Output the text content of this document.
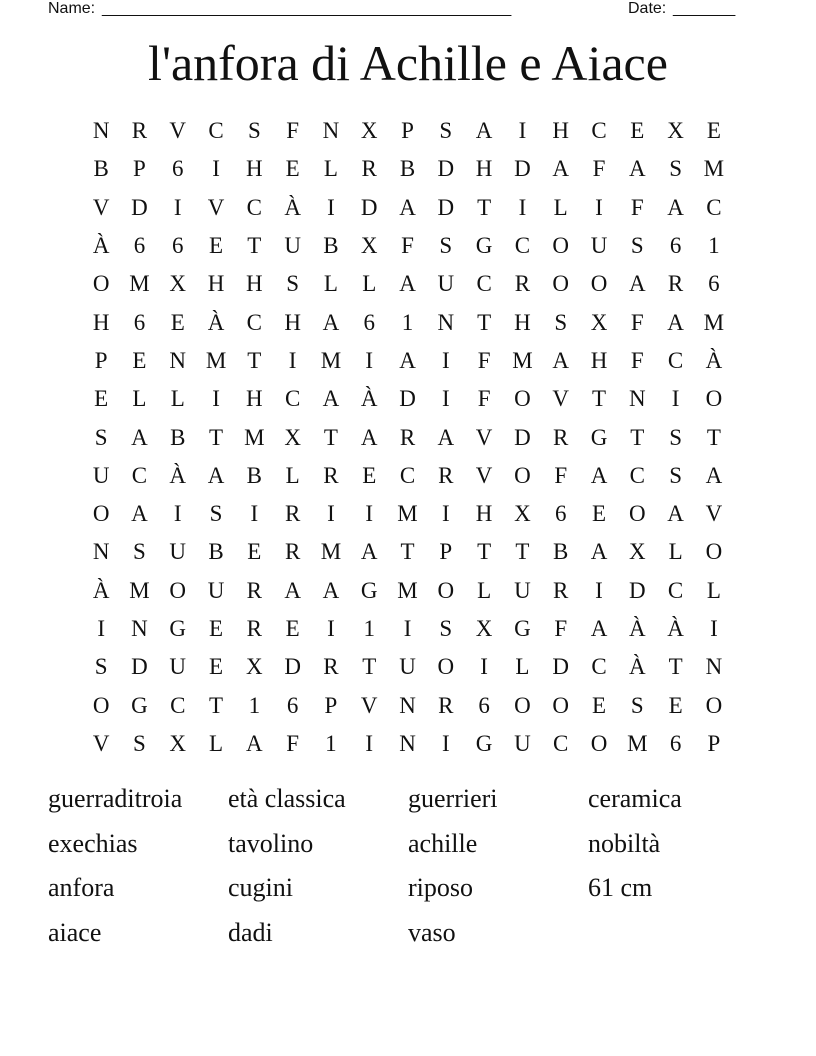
Name: ______________________________________________	Date: _______
l'anfora di Achille e Aiace
N R V C	S	F	N X	P	S	A	I	H C	E X E
B	P	6	I	H E	L	R B D H D A	F	A	S M
V D	I	V C À	I	D A D T	I	L	I	F	A C
À	6	6	E	T U B X	F	S	G C O U	S	6	1
O M X H H	S	L	L A U C R O O A R	6
H	6	E À C H A	6	1	N T H	S	X	F	A M
P	E N M T	I	M	I	A	I	F M A H	F	C À
E	L	L	I	H C A À D	I	F	O V T N	I	O
S	A B	T M X T A R A V D R G T	S	T
U C À A B	L	R	E	C R V O	F	A C	S	A
O A	I	S	I	R	I	I	M	I	H X	6	E O A V
N	S	U B	E	R M A T	P	T	T	B A X L O
À M O U R A A G M O L U R	I	D C	L
I	N G E	R	E	I	1	I	S	X G	F	A À À	I
S	D U E X D R	T U O	I	L D C À T N
O G C	T	1	6	P	V N R	6	O O E	S	E O
V	S	X L A	F	1	I	N	I	G U C O M 6	P
guerraditroia	età classica	guerrieri	ceramica
exechias	tavolino	achille	nobiltà
anfora	cugini	riposo	61 cm
aiace	dadi	vaso
